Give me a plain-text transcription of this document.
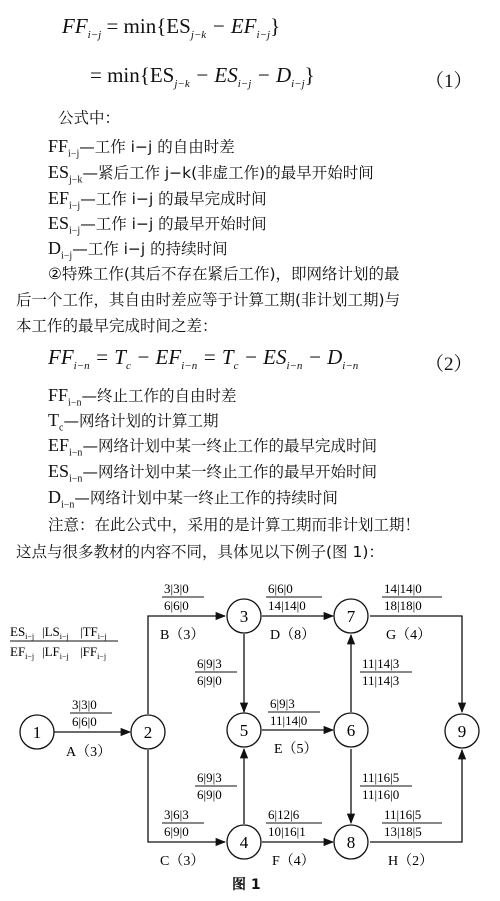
$FF_{i-j} = \min\{ES_{j-k} - EF_{i-j}\}$
= $\min\{ES_{j-k} - ES_{i-j} - D_{i-j}\}$	（1）
公式中：
$FF_{i-j}—$工作 i−j 的自由时差
$ES_{j-k}—$紧后工作 j−k(非虚工作)的最早开始时间
$EF_{i-j}—$工作 i−j 的最早完成时间
$ES_{i-j}—$工作 i−j 的最早开始时间
$D_{i-j}—$工作 i−j 的持续时间
②特殊工作(其后不存在紧后工作)，即网络计划的最
后一个工作，其自由时差应等于计算工期(非计划工期)与
本工作的最早完成时间之差：
$FF_{i-n} = T_c - EF_{i-n} = T_c - ES_{i-n} - D_{i-n}$	（2）
$FF_{i-n}—$终止工作的自由时差
$T_c—$网络计划的计算工期
$EF_{i-n}—$网络计划中某一终止工作的最早完成时间
$ES_{i-n}—$网络计划中某一终止工作的最早开始时间
$D_{i-n}—$网络计划中某一终止工作的持续时间
注意：在此公式中，采用的是计算工期而非计划工期！
这点与很多教材的内容不同，具体见以下例子(图 1)：
$ES_{i-j}$ $|LS_{i-j}$ $|TF_{i-j}$
$EF_{i-j}$ $|LF_{i-j}$ $|FF_{i-j}$
1	2
3
4
5	6
7
8
9
3|3|0
6|6|0
A（3）
3|3|0
6|6|0
B（3）
3|6|3
6|9|0
C（3）
6|6|0
14|14|0
D（8）
6|9|3
11|14|0
E（5）
6|12|6
10|16|1
F（4）
14|14|0
18|18|0
G（4）
11|16|5
13|18|5
H（2）
6|9|3
6|9|0
6|9|3
6|9|0
11|14|3
11|14|3
11|16|5
11|16|0
图 1
